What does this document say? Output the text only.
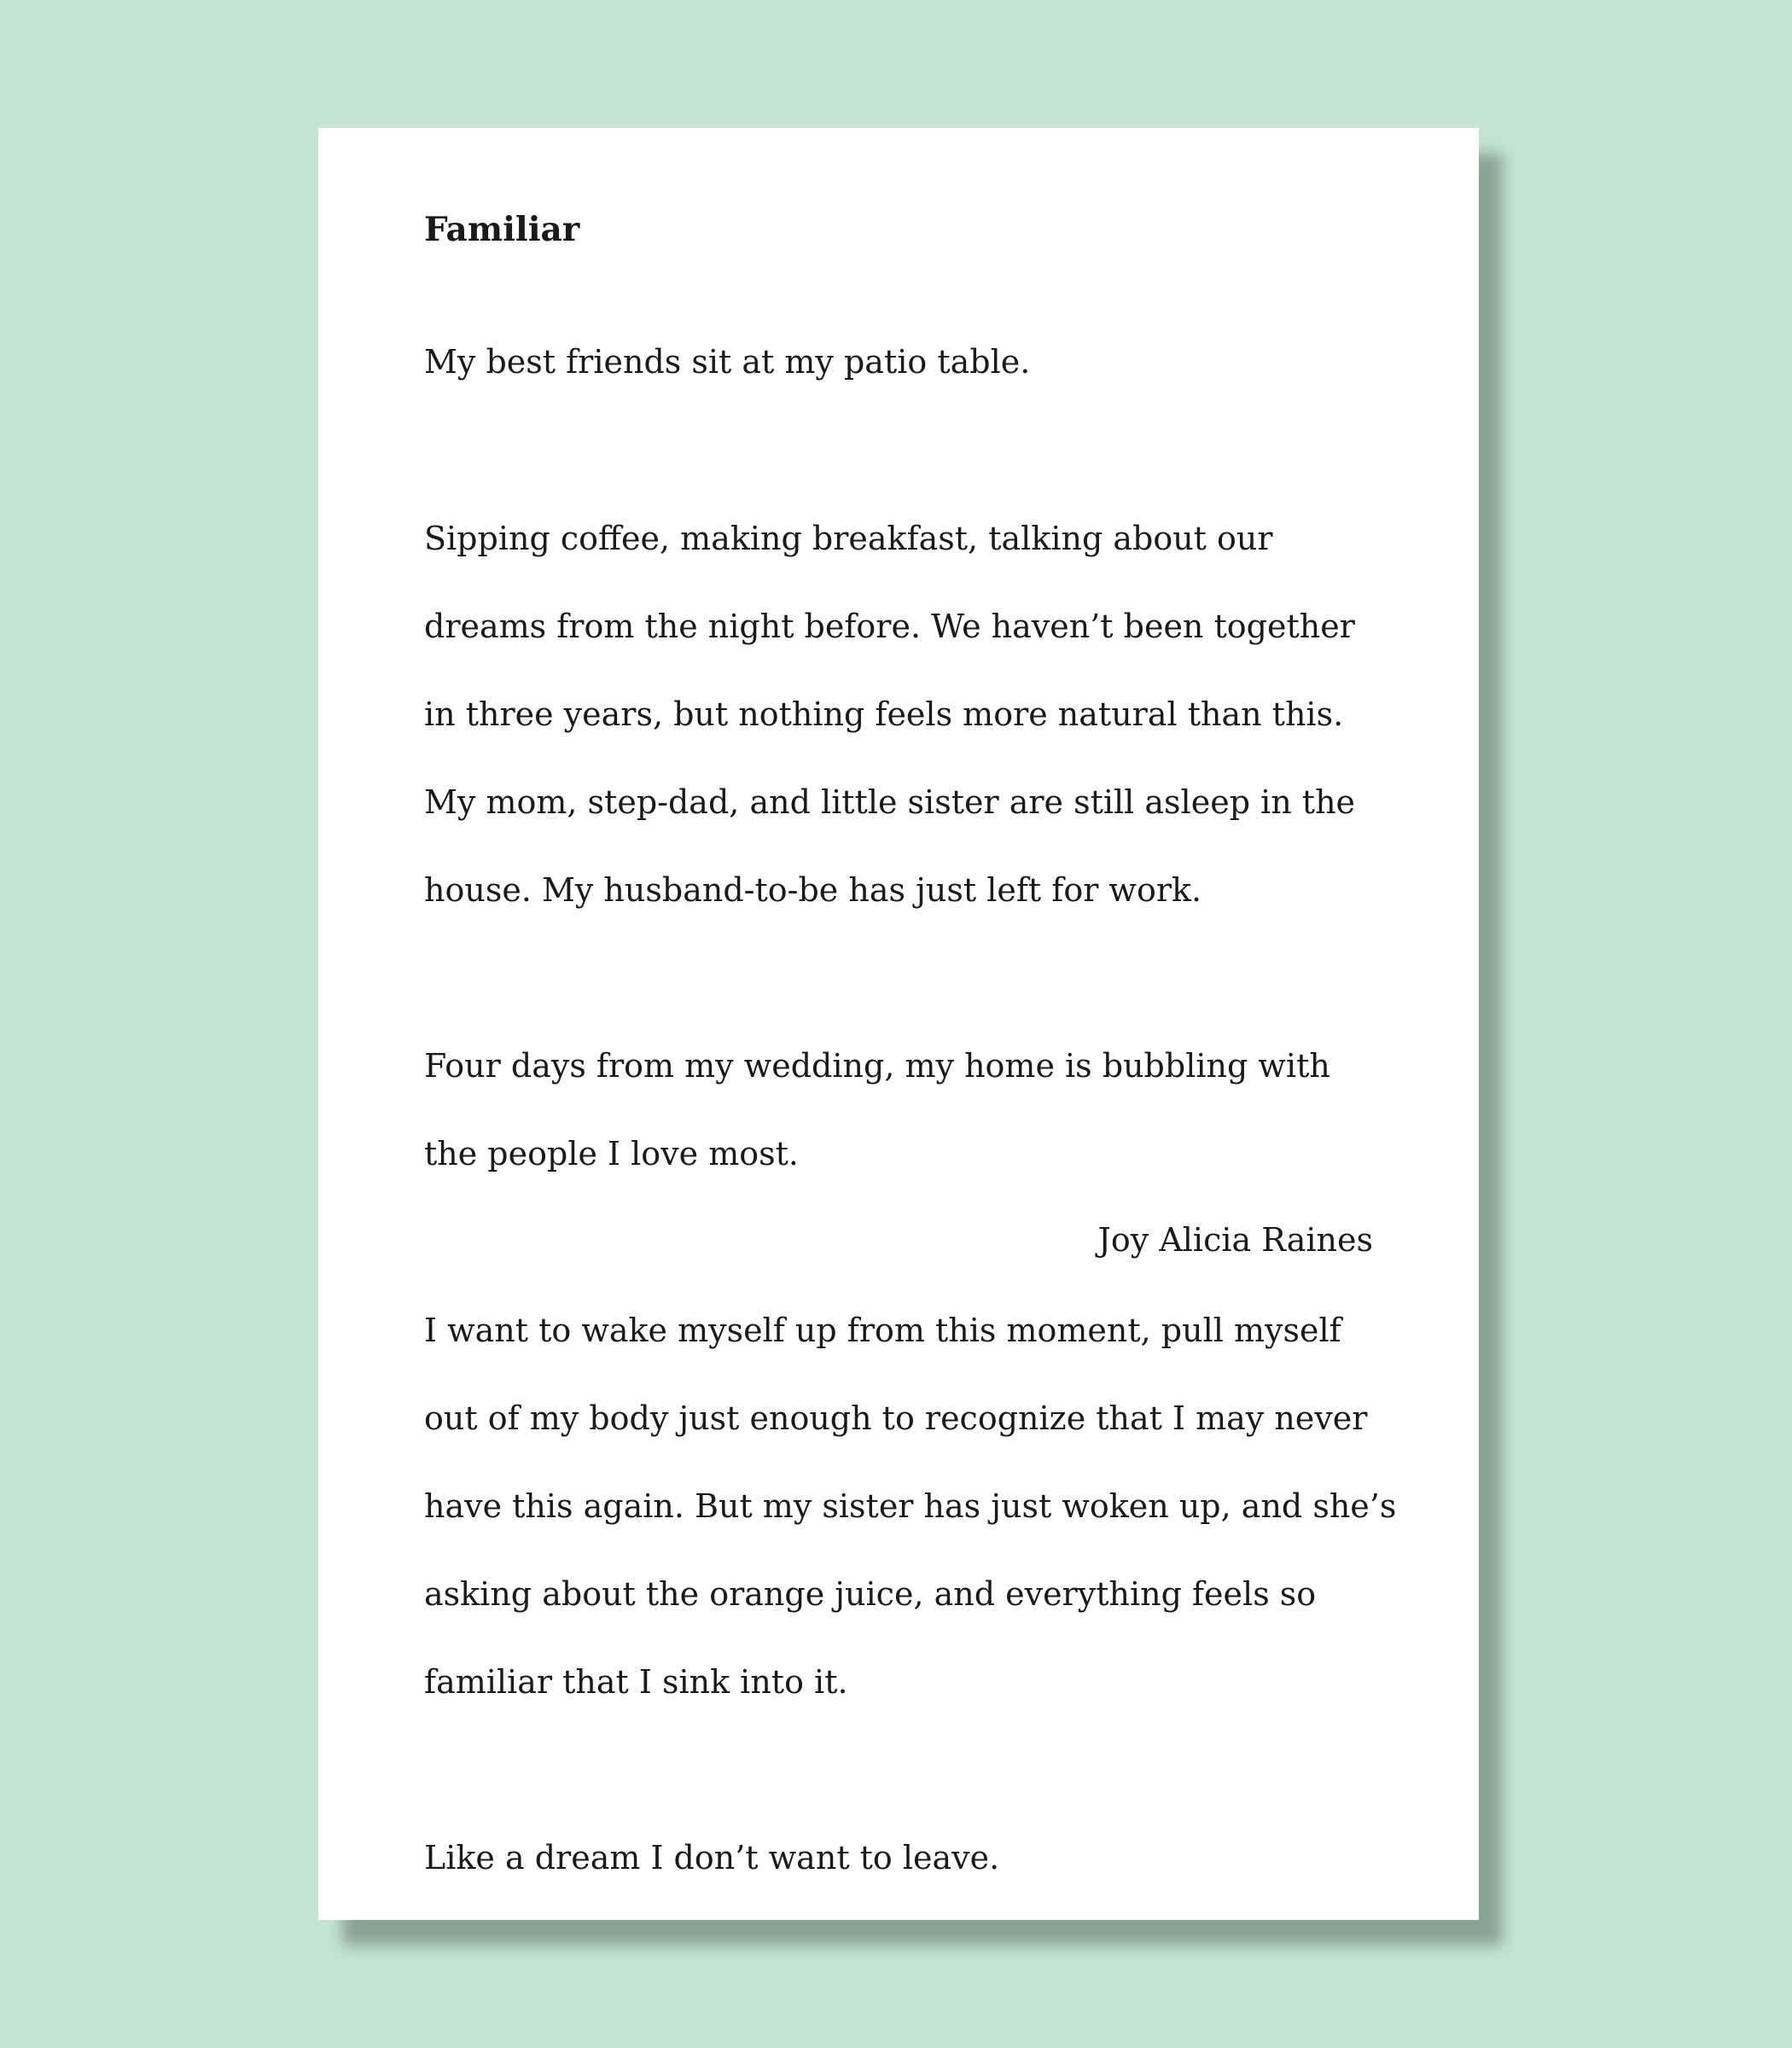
Familiar

My best friends sit at my patio table.

Sipping coffee, making breakfast, talking about our

dreams from the night before. We haven’t been together

in three years, but nothing feels more natural than this.

My mom, step-dad, and little sister are still asleep in the

house. My husband-to-be has just left for work.

Four days from my wedding, my home is bubbling with

the people I love most.

I want to wake myself up from this moment, pull myself

out of my body just enough to recognize that I may never

have this again. But my sister has just woken up, and she’s

asking about the orange juice, and everything feels so

familiar that I sink into it.

Like a dream I don’t want to leave.

Joy Alicia Raines
